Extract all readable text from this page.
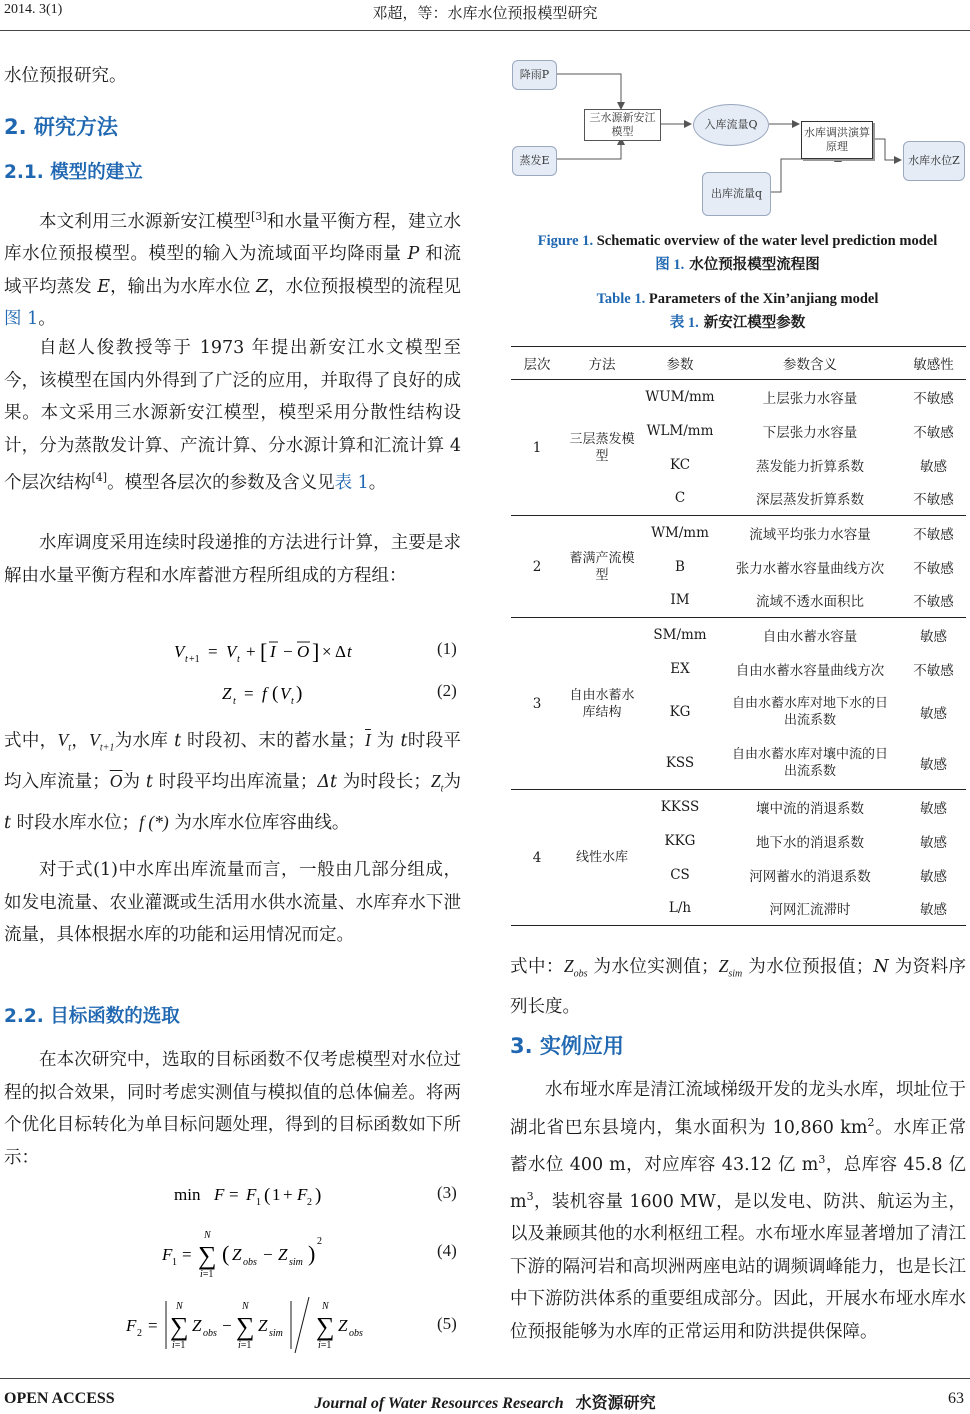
2014. 3(1)	邓超，等：水库水位预报模型研究

水位预报研究。

2. 研究方法
2.1. 模型的建立

本文利用三水源新安江模型[3]和水量平衡方程，建立水库水位预报模型。模型的输入为流域面平均降雨量 P 和流域平均蒸发 E，输出为水库水位 Z，水位预报模型的流程见图 1。

自赵人俊教授等于 1973 年提出新安江水文模型至今，该模型在国内外得到了广泛的应用，并取得了良好的成果。本文采用三水源新安江模型，模型采用分散性结构设计，分为蒸散发计算、产流计算、分水源计算和汇流计算 4 个层次结构[4]。模型各层次的参数及含义见表 1。

水库调度采用连续时段递推的方法进行计算，主要是求解由水量平衡方程和水库蓄泄方程所组成的方程组：

V t +1 = V t + [ I − O ] × Δ t	(1)
Z t = f ( V t )	(2)

式中，$V_t$，$V_{t+1}$为水库 t 时段初、末的蓄水量；$\overline{I}$ 为 t时段平均入库流量；$\overline{O}$为 t 时段平均出库流量；Δt 为时段长；$Z_t$为 t 时段水库水位；f (*) 为水库水位库容曲线。

对于式(1)中水库出库流量而言，一般由几部分组成，如发电流量、农业灌溉或生活用水供水流量、水库弃水下泄流量，具体根据水库的功能和运用情况而定。

2.2. 目标函数的选取

在本次研究中，选取的目标函数不仅考虑模型对水位过程的拟合效果，同时考虑实测值与模拟值的总体偏差。将两个优化目标转化为单目标问题处理，得到的目标函数如下所示：

min F = F 1 ( 1 + F 2 )	(3)
F 1 =
N
∑
i=1
( Z obs − Z sim ) 2	(4)
F 2 =
N
∑
i=1
Z obs −
N
∑
i=1
Z sim
N
∑
i=1
Z obs
(5)
降雨P
蒸发E
三水源新安江模型
入库流量Q
出库流量q
水库调洪演算原理
水库水位Z
Figure 1. Schematic overview of the water level prediction model
图 1. 水位预报模型流程图
Table 1. Parameters of the Xin’anjiang model
表 1. 新安江模型参数
层次	方法	参数	参数含义	敏感性
1	三层蒸发模型	WUM/mm	上层张力水容量	不敏感
		WLM/mm	下层张力水容量	不敏感
		KC	蒸发能力折算系数	敏感
		C	深层蒸发折算系数	不敏感
2	蓄满产流模型	WM/mm	流域平均张力水容量	不敏感
		B	张力水蓄水容量曲线方次	不敏感
		IM	流域不透水面积比	不敏感
3	自由水蓄水库结构	SM/mm	自由水蓄水容量	敏感
		EX	自由水蓄水容量曲线方次	不敏感
		KG	自由水蓄水库对地下水的日出流系数	敏感
		KSS	自由水蓄水库对壤中流的日出流系数	敏感
4	线性水库	KKSS	壤中流的消退系数	敏感
		KKG	地下水的消退系数	敏感
		CS	河网蓄水的消退系数	敏感
		L/h	河网汇流滞时	敏感

式中：$Z_{obs}$ 为水位实测值；$Z_{sim}$ 为水位预报值；N 为资料序列长度。

3. 实例应用

水布垭水库是清江流域梯级开发的龙头水库，坝址位于湖北省巴东县境内，集水面积为 10,860 $km^2$。水库正常蓄水位 400 m，对应库容 43.12 亿 $m^3$，总库容 45.8 亿 $m^3$，装机容量 1600 MW，是以发电、防洪、航运为主，以及兼顾其他的水利枢纽工程。水布垭水库显著增加了清江下游的隔河岩和高坝洲两座电站的调频调峰能力，也是长江中下游防洪体系的重要组成部分。因此，开展水布垭水库水位预报能够为水库的正常运用和防洪提供保障。

OPEN ACCESS	Journal of Water Resources Research 水资源研究	63
